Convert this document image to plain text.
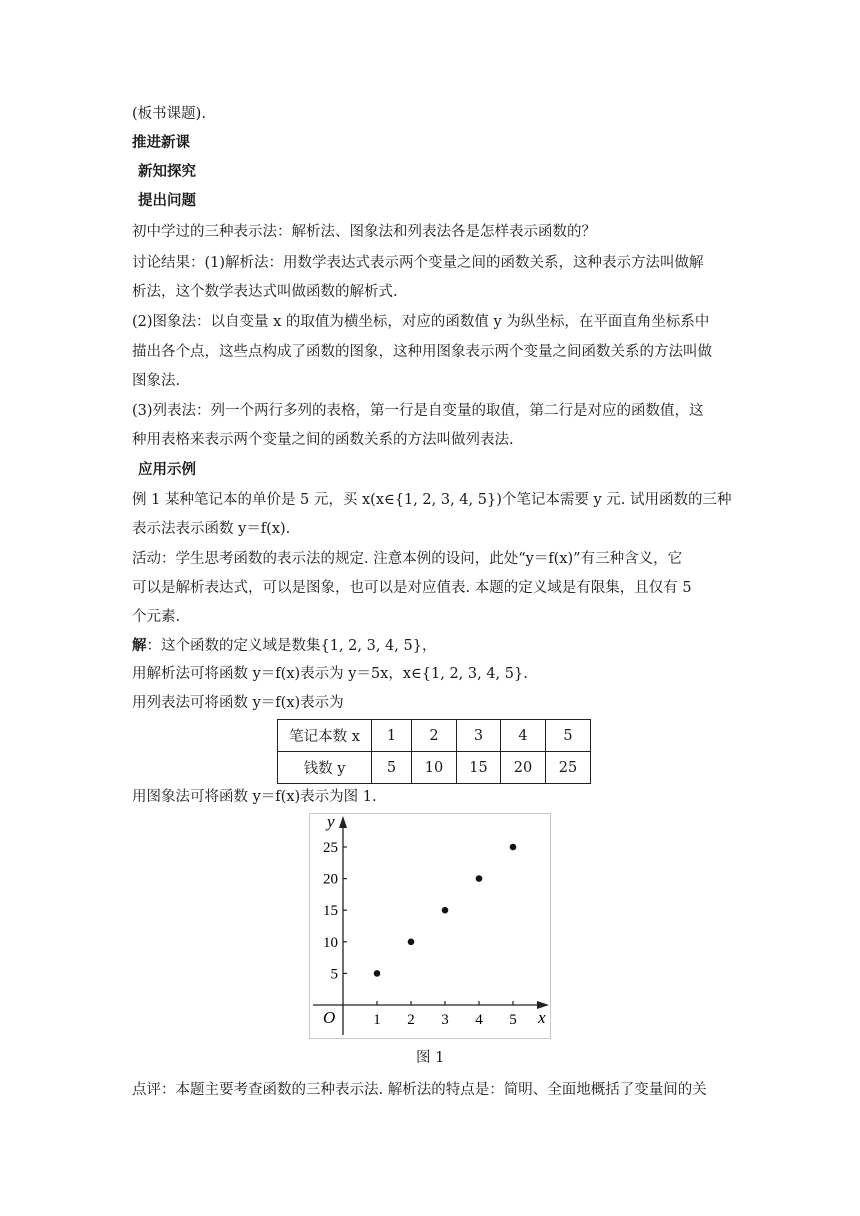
(板书课题).
推进新课
新知探究
提出问题
初中学过的三种表示法：解析法、图象法和列表法各是怎样表示函数的？
讨论结果：(1)解析法：用数学表达式表示两个变量之间的函数关系，这种表示方法叫做解
析法，这个数学表达式叫做函数的解析式.
(2)图象法：以自变量 x 的取值为横坐标，对应的函数值 y 为纵坐标，在平面直角坐标系中
描出各个点，这些点构成了函数的图象，这种用图象表示两个变量之间函数关系的方法叫做
图象法.
(3)列表法：列一个两行多列的表格，第一行是自变量的取值，第二行是对应的函数值，这
种用表格来表示两个变量之间的函数关系的方法叫做列表法.
应用示例
例 1 某种笔记本的单价是 5 元，买 x(x∈{1, 2, 3, 4, 5})个笔记本需要 y 元. 试用函数的三种
表示法表示函数 y＝f(x).
活动：学生思考函数的表示法的规定. 注意本例的设问，此处“y＝f(x)”有三种含义，它
可以是解析表达式，可以是图象，也可以是对应值表. 本题的定义域是有限集，且仅有 5
个元素.
解：这个函数的定义域是数集{1, 2, 3, 4, 5}，
用解析法可将函数 y＝f(x)表示为 y＝5x，x∈{1, 2, 3, 4, 5}.
用列表法可将函数 y＝f(x)表示为
笔记本数 x	1	2	3	4	5
钱数 y	5	10	15	20	25
用图象法可将函数 y＝f(x)表示为图 1.
y
x
O	1 2 3 4 5
5
10
15
20
25
图 1
点评：本题主要考查函数的三种表示法. 解析法的特点是：简明、全面地概括了变量间的关
